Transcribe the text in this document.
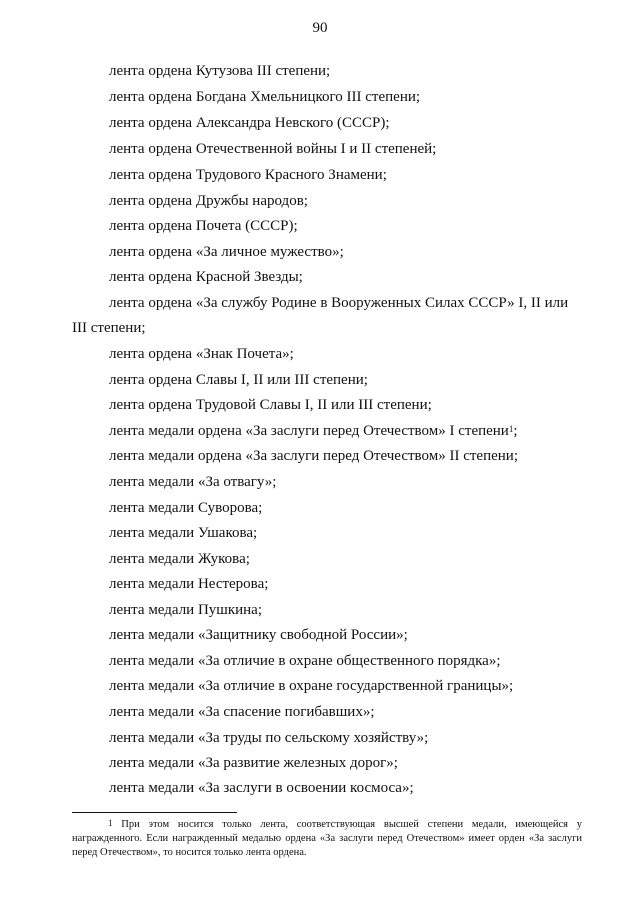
90
лента ордена Кутузова III степени;
лента ордена Богдана Хмельницкого III степени;
лента ордена Александра Невского (СССР);
лента ордена Отечественной войны I и II степеней;
лента ордена Трудового Красного Знамени;
лента ордена Дружбы народов;
лента ордена Почета (СССР);
лента ордена «За личное мужество»;
лента ордена Красной Звезды;
лента ордена «За службу Родине в Вооруженных Силах СССР» I, II или
III степени;
лента ордена «Знак Почета»;
лента ордена Славы I, II или III степени;
лента ордена Трудовой Славы I, II или III степени;
лента медали ордена «За заслуги перед Отечеством» I степени$^1$;
лента медали ордена «За заслуги перед Отечеством» II степени;
лента медали «За отвагу»;
лента медали Суворова;
лента медали Ушакова;
лента медали Жукова;
лента медали Нестерова;
лента медали Пушкина;
лента медали «Защитнику свободной России»;
лента медали «За отличие в охране общественного порядка»;
лента медали «За отличие в охране государственной границы»;
лента медали «За спасение погибавших»;
лента медали «За труды по сельскому хозяйству»;
лента медали «За развитие железных дорог»;
лента медали «За заслуги в освоении космоса»;
$^1$ При этом носится только лента, соответствующая высшей степени медали, имеющейся у награжденного. Если награжденный медалью ордена «За заслуги перед Отечеством» имеет орден «За заслуги перед Отечеством», то носится только лента ордена.
